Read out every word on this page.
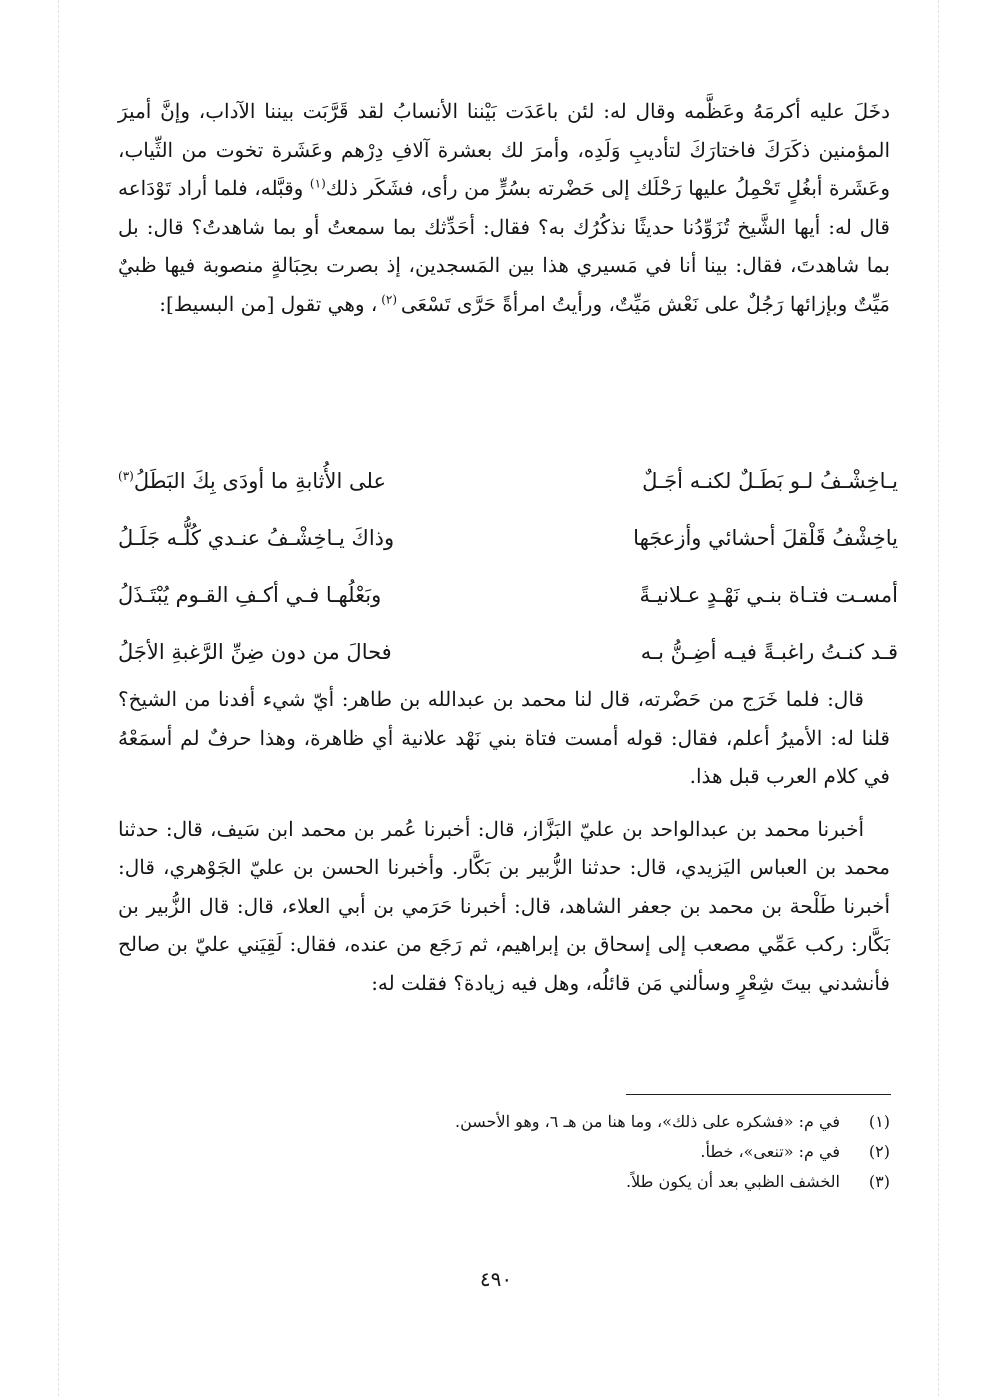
دخَلَ عليه أكرمَهُ وعَظَّمه وقال له: لئن باعَدَت بَيْننا الأنسابُ لقد قَرَّبَت بيننا الآداب، وإنَّ أميرَ المؤمنين ذكَرَكَ فاختارَكَ لتأديبِ وَلَدِه، وأمرَ لك بعشرة آلافِ دِرْهم وعَشَرة تخوت من الثِّياب، وعَشَرة أبغُلٍ تَحْمِلُ عليها رَحْلَك إلى حَضْرته بسُرٍّ من رأى، فشَكَر ذلك$^{(١)}$ وقبَّله، فلما أراد تَوْدَاعه قال له: أيها الشَّيخ تُزَوِّدُنا حديثًا نذكُرُك به؟ فقال: أحَدِّثك بما سمعتُ أو بما شاهدتُ؟ قال: بل بما شاهدتَ، فقال: بينا أنا في مَسيري هذا بين المَسجدين، إذ بصرت بحِبَالةٍ منصوبة فيها ظبيٌ مَيِّتٌ وبإزائها رَجُلٌ على نَعْش مَيِّتٌ، ورأيتُ امرأةً حَرَّى تَسْعَى $^{(٢)}$ ، وهي تقول [من البسيط]:

يـاخِشْـفُ لـو بَطَـلٌ لكنـه أجَـلٌ
على الأُثابةِ ما أودَى بِكَ البَطَلُ$^{(٣)}$
ياخِشْفُ قَلْقلَ أحشائي وأزعجَها
وذاكَ يـاخِشْـفُ عنـدي كُلُّـه جَلَـلُ
أمسـت فتـاة بنـي نَهْـدٍ عـلانيـةً
وبَعْلُهـا فـي أكـفِ القـوم يُبْتَـذَلُ
قـد كنـتُ راغبـةً فيـه أضِـنُّ بـه
فحالَ من دون ضِنِّ الرَّغبةِ الأجَلُ

قال: فلما خَرَج من حَضْرته، قال لنا محمد بن عبدالله بن طاهر: أيّ شيء أفدنا من الشيخ؟ قلنا له: الأميرُ أعلم، فقال: قوله أمست فتاة بني نَهْد علانية أي ظاهرة، وهذا حرفٌ لم أسمَعْهُ في كلام العرب قبل هذا.

أخبرنا محمد بن عبدالواحد بن عليّ البَزَّاز، قال: أخبرنا عُمر بن محمد ابن سَيف، قال: حدثنا محمد بن العباس اليَزيدي، قال: حدثنا الزُّبير بن بَكَّار. وأخبرنا الحسن بن عليّ الجَوْهري، قال: أخبرنا طَلْحة بن محمد بن جعفر الشاهد، قال: أخبرنا حَرَمي بن أبي العلاء، قال: قال الزُّبير بن بَكَّار: ركب عَمِّي مصعب إلى إسحاق بن إبراهيم، ثم رَجَع من عنده، فقال: لَقِيَني عليّ بن صالح فأنشدني بيتَ شِعْرٍ وسألني مَن قائلُه، وهل فيه زيادة؟ فقلت له:

(١)
في م: «فشكره على ذلك»، وما هنا من هـ ٦، وهو الأحسن.
(٢)
في م: «تنعى»، خطأ.
(٣)
الخشف الظبي بعد أن يكون طلاً.
٤٩٠
